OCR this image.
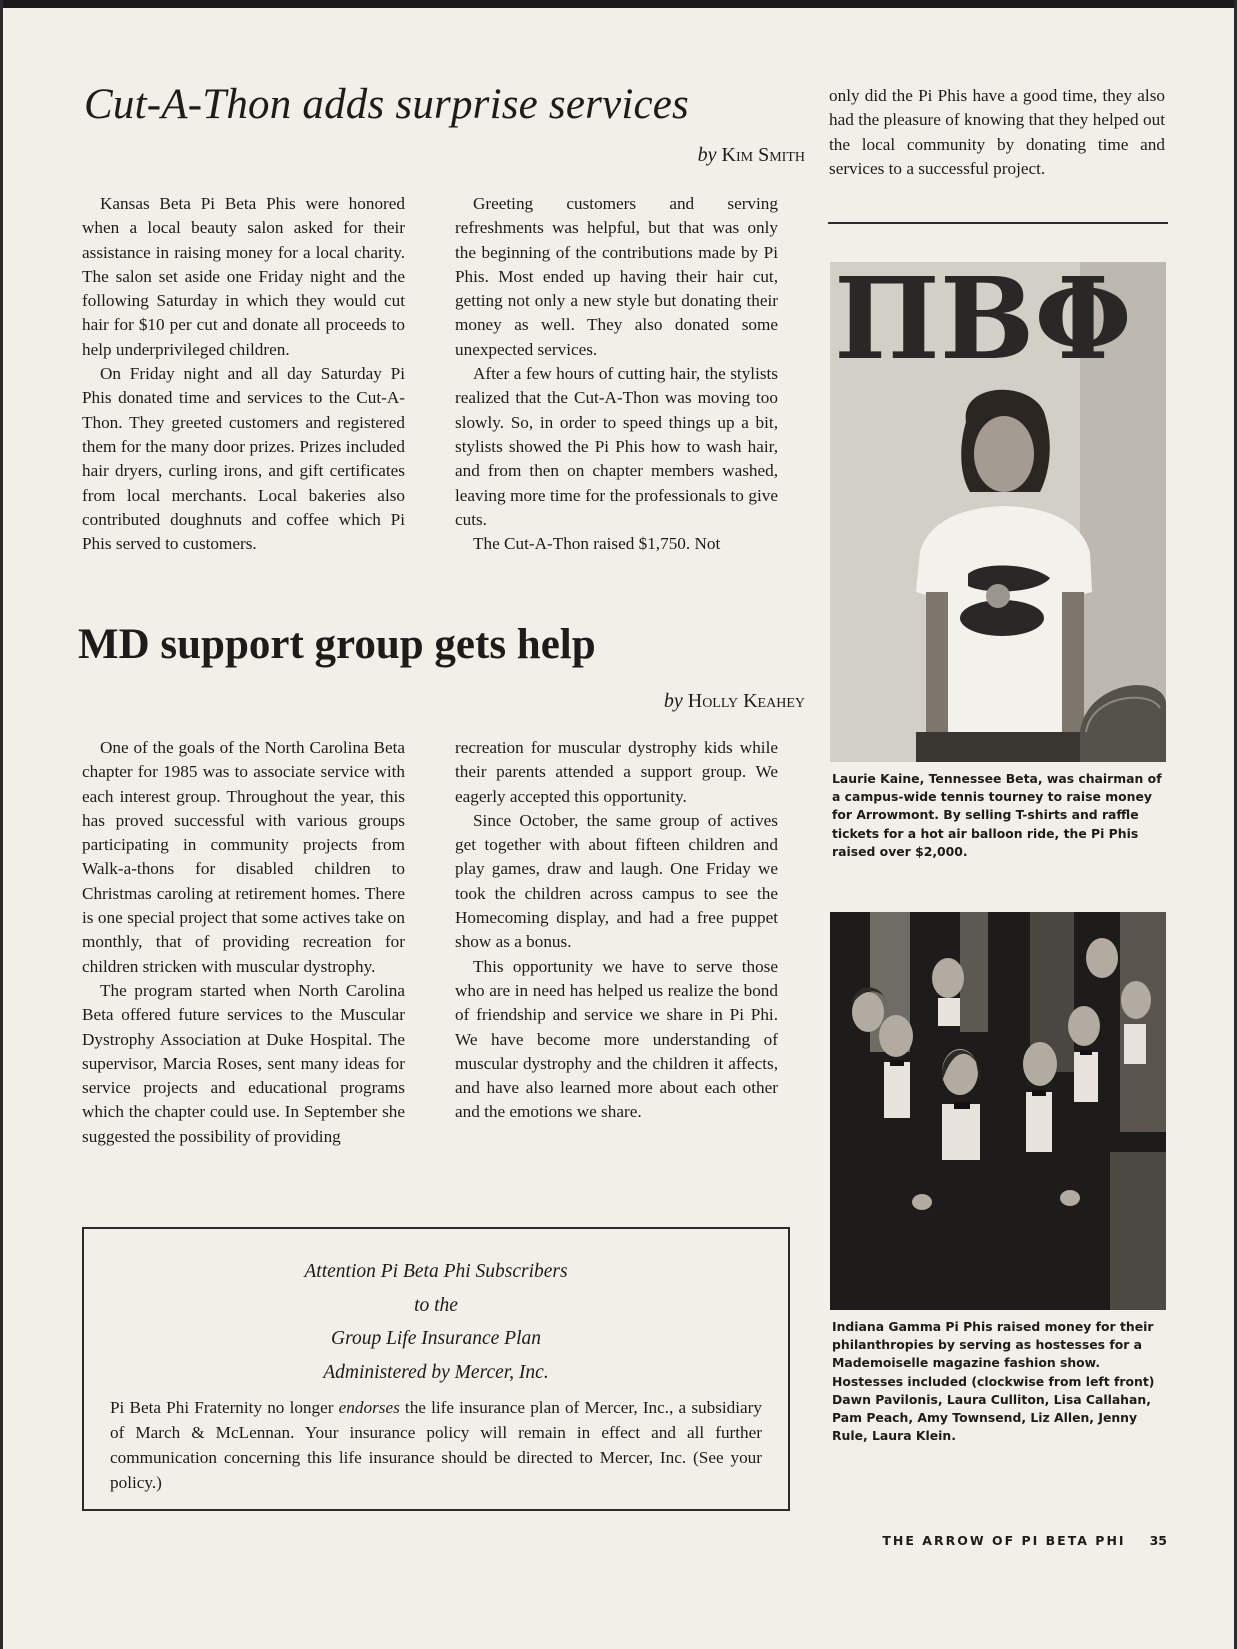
Cut-A-Thon adds surprise services
by Kim Smith

Kansas Beta Pi Beta Phis were honored when a local beauty salon asked for their assistance in raising money for a local charity. The salon set aside one Friday night and the following Saturday in which they would cut hair for $10 per cut and donate all proceeds to help underprivileged children.

On Friday night and all day Saturday Pi Phis donated time and services to the Cut-A-Thon. They greeted customers and registered them for the many door prizes. Prizes included hair dryers, curling irons, and gift certificates from local merchants. Local bakeries also contributed doughnuts and coffee which Pi Phis served to customers.

Greeting customers and serving refreshments was helpful, but that was only the beginning of the contributions made by Pi Phis. Most ended up having their hair cut, getting not only a new style but donating their money as well. They also donated some unexpected services.

After a few hours of cutting hair, the stylists realized that the Cut-A-Thon was moving too slowly. So, in order to speed things up a bit, stylists showed the Pi Phis how to wash hair, and from then on chapter members washed, leaving more time for the professionals to give cuts.

The Cut-A-Thon raised $1,750. Not

only did the Pi Phis have a good time, they also had the pleasure of knowing that they helped out the local community by donating time and services to a successful project.

MD support group gets help
by Holly Keahey

One of the goals of the North Carolina Beta chapter for 1985 was to associate service with each interest group. Throughout the year, this has proved successful with various groups participating in community projects from Walk-a-thons for disabled children to Christmas caroling at retirement homes. There is one special project that some actives take on monthly, that of providing recreation for children stricken with muscular dystrophy.

The program started when North Carolina Beta offered future services to the Muscular Dystrophy Association at Duke Hospital. The supervisor, Marcia Roses, sent many ideas for service projects and educational programs which the chapter could use. In September she suggested the possibility of providing

recreation for muscular dystrophy kids while their parents attended a support group. We eagerly accepted this opportunity.

Since October, the same group of actives get together with about fifteen children and play games, draw and laugh. One Friday we took the children across campus to see the Homecoming display, and had a free puppet show as a bonus.

This opportunity we have to serve those who are in need has helped us realize the bond of friendship and service we share in Pi Phi. We have become more understanding of muscular dystrophy and the children it affects, and have also learned more about each other and the emotions we share.

ΠΒΦ

Laurie Kaine, Tennessee Beta, was chairman of a campus-wide tennis tourney to raise money for Arrowmont. By selling T-shirts and raffle tickets for a hot air balloon ride, the Pi Phis raised over $2,000.

Indiana Gamma Pi Phis raised money for their philanthropies by serving as hostesses for a Mademoiselle magazine fashion show. Hostesses included (clockwise from left front) Dawn Pavilonis, Laura Culliton, Lisa Callahan, Pam Peach, Amy Townsend, Liz Allen, Jenny Rule, Laura Klein.

Attention Pi Beta Phi Subscribers
to the
Group Life Insurance Plan
Administered by Mercer, Inc.

Pi Beta Phi Fraternity no longer endorses the life insurance plan of Mercer, Inc., a subsidiary of March & McLennan. Your insurance policy will remain in effect and all further communication concerning this life insurance should be directed to Mercer, Inc. (See your policy.)

THE ARROW OF PI BETA PHI 35
